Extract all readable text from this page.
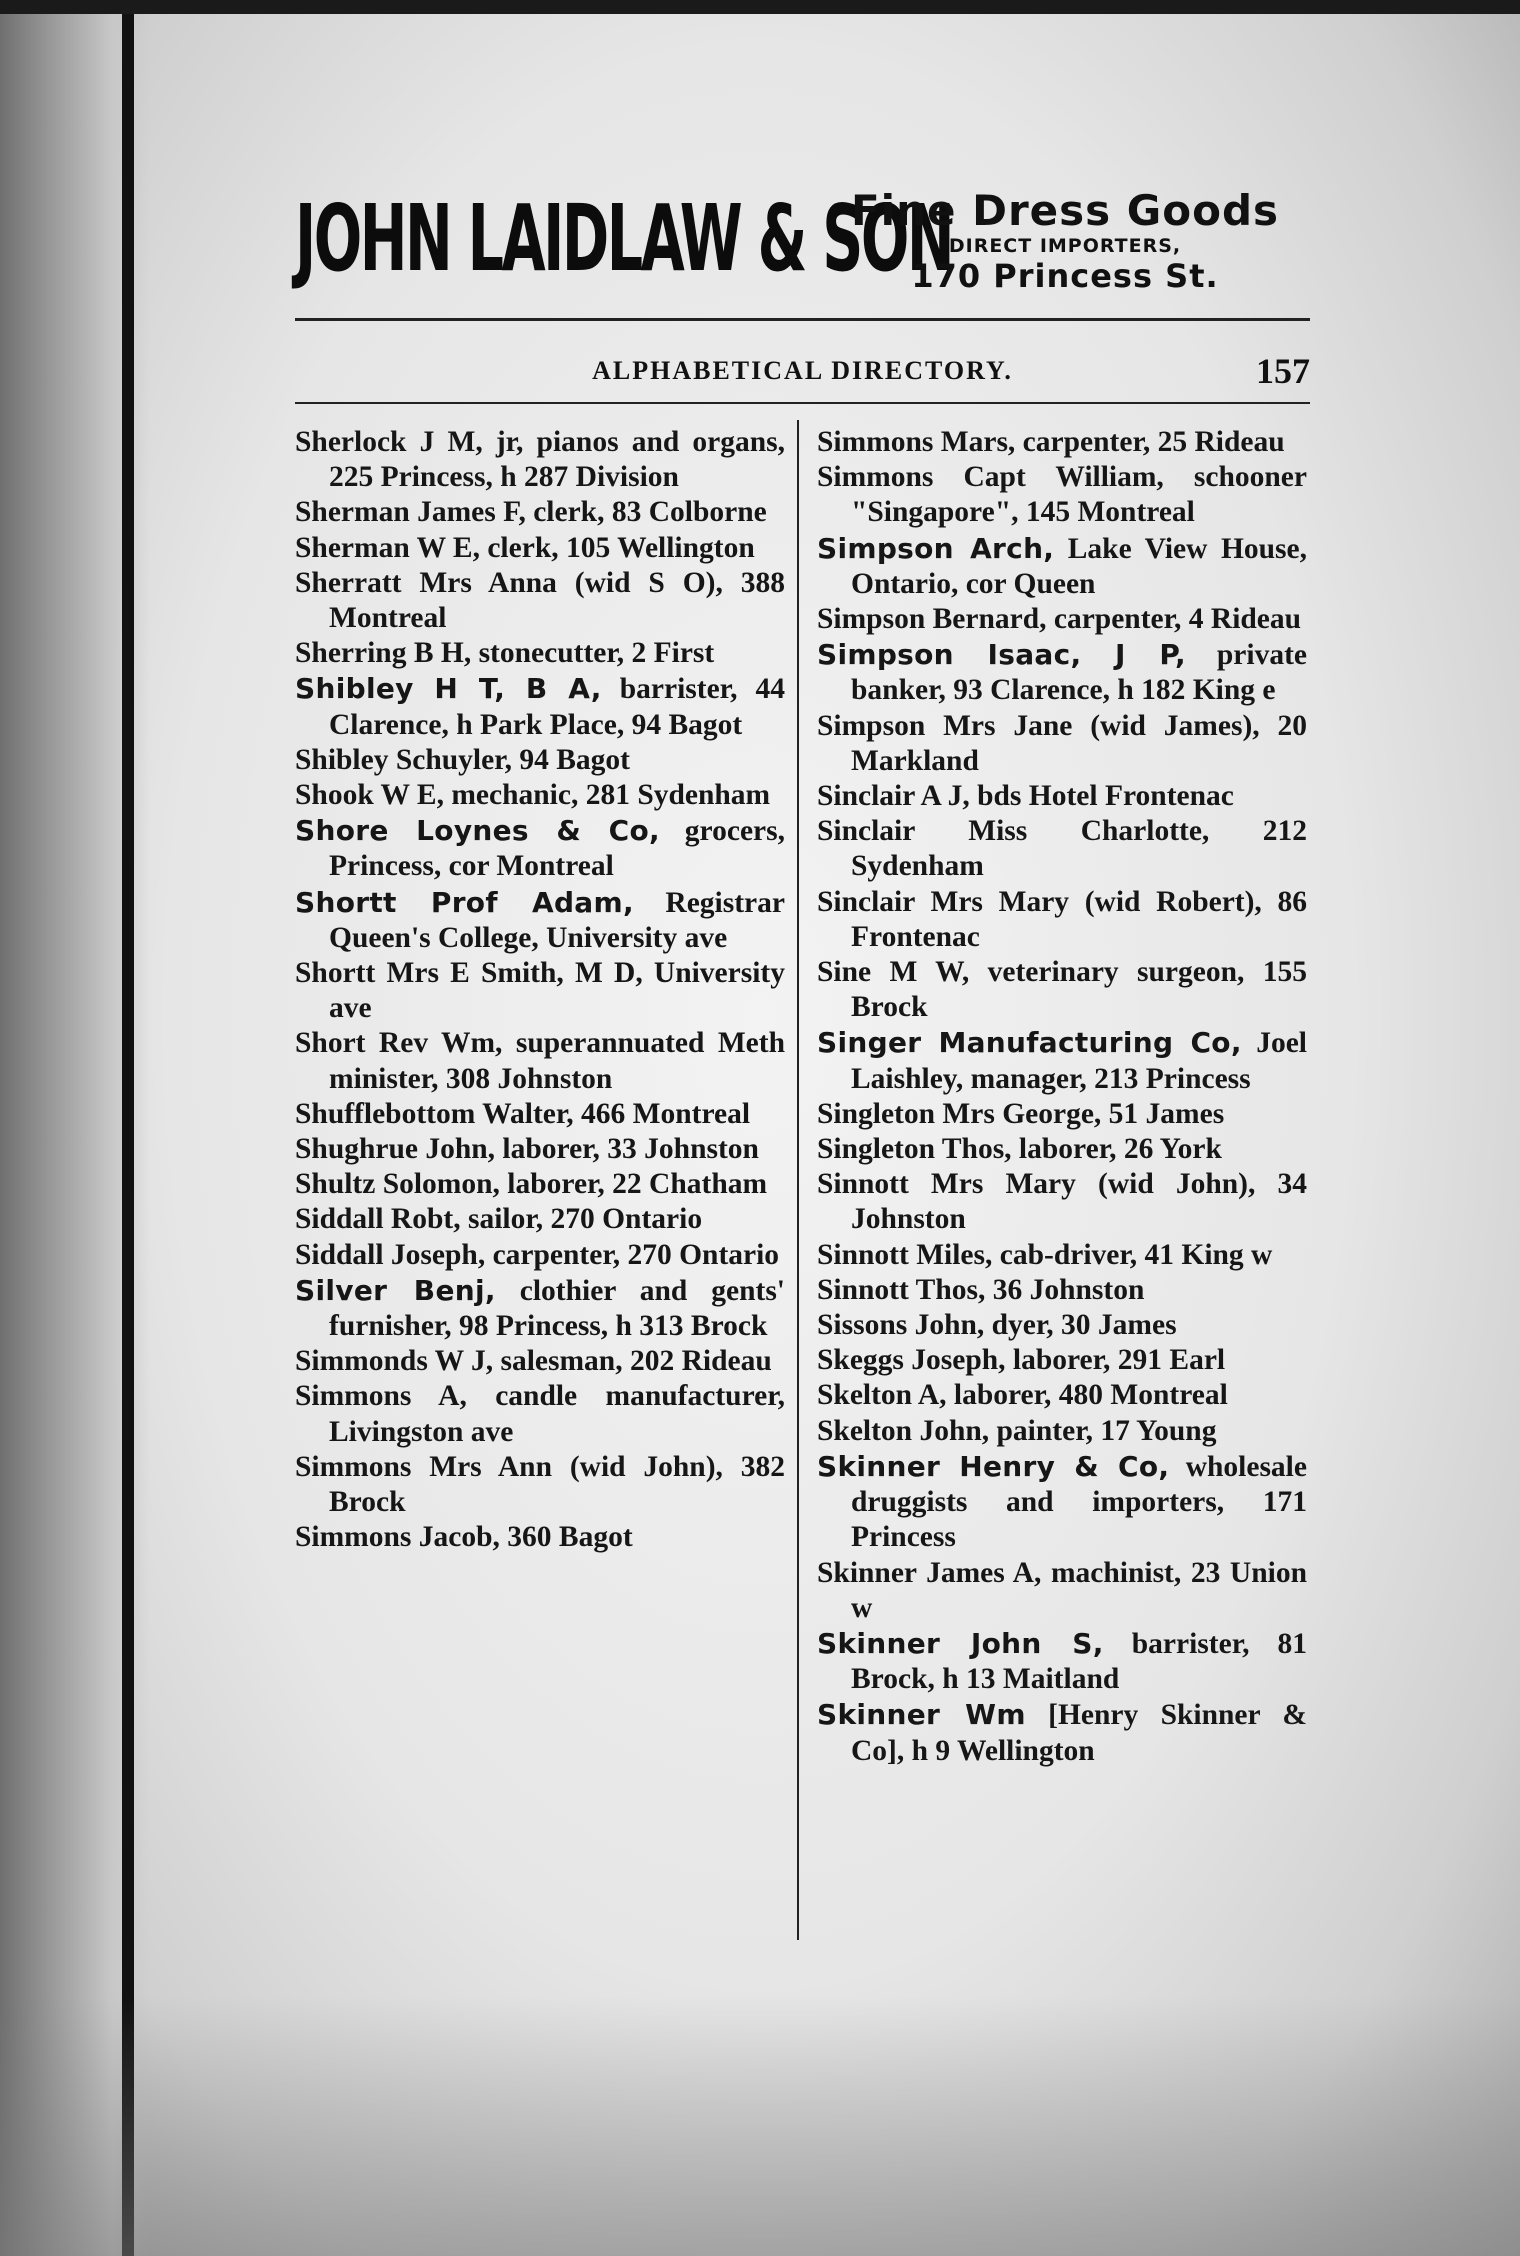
JOHN LAIDLAW & SON
Fine Dress Goods
DIRECT IMPORTERS,
170 Princess St.
ALPHABETICAL DIRECTORY.	157
Sherlock J M, jr, pianos and organs, 225 Princess, h 287 Division
Sherman James F, clerk, 83 Colborne
Sherman W E, clerk, 105 Wellington
Sherratt Mrs Anna (wid S O), 388 Montreal
Sherring B H, stonecutter, 2 First
Shibley H T, B A, barrister, 44 Clarence, h Park Place, 94 Bagot
Shibley Schuyler, 94 Bagot
Shook W E, mechanic, 281 Sydenham
Shore Loynes & Co, grocers, Princess, cor Montreal
Shortt Prof Adam, Registrar Queen's College, University ave
Shortt Mrs E Smith, M D, University ave
Short Rev Wm, superannuated Meth minister, 308 Johnston
Shufflebottom Walter, 466 Montreal
Shughrue John, laborer, 33 Johnston
Shultz Solomon, laborer, 22 Chatham
Siddall Robt, sailor, 270 Ontario
Siddall Joseph, carpenter, 270 Ontario
Silver Benj, clothier and gents' furnisher, 98 Princess, h 313 Brock
Simmonds W J, salesman, 202 Rideau
Simmons A, candle manufacturer, Livingston ave
Simmons Mrs Ann (wid John), 382 Brock
Simmons Jacob, 360 Bagot
Simmons Mars, carpenter, 25 Rideau
Simmons Capt William, schooner "Singapore", 145 Montreal
Simpson Arch, Lake View House, Ontario, cor Queen
Simpson Bernard, carpenter, 4 Rideau
Simpson Isaac, J P, private banker, 93 Clarence, h 182 King e
Simpson Mrs Jane (wid James), 20 Markland
Sinclair A J, bds Hotel Frontenac
Sinclair Miss Charlotte, 212 Sydenham
Sinclair Mrs Mary (wid Robert), 86 Frontenac
Sine M W, veterinary surgeon, 155 Brock
Singer Manufacturing Co, Joel Laishley, manager, 213 Princess
Singleton Mrs George, 51 James
Singleton Thos, laborer, 26 York
Sinnott Mrs Mary (wid John), 34 Johnston
Sinnott Miles, cab-driver, 41 King w
Sinnott Thos, 36 Johnston
Sissons John, dyer, 30 James
Skeggs Joseph, laborer, 291 Earl
Skelton A, laborer, 480 Montreal
Skelton John, painter, 17 Young
Skinner Henry & Co, wholesale druggists and importers, 171 Princess
Skinner James A, machinist, 23 Union w
Skinner John S, barrister, 81 Brock, h 13 Maitland
Skinner Wm [Henry Skinner & Co], h 9 Wellington
